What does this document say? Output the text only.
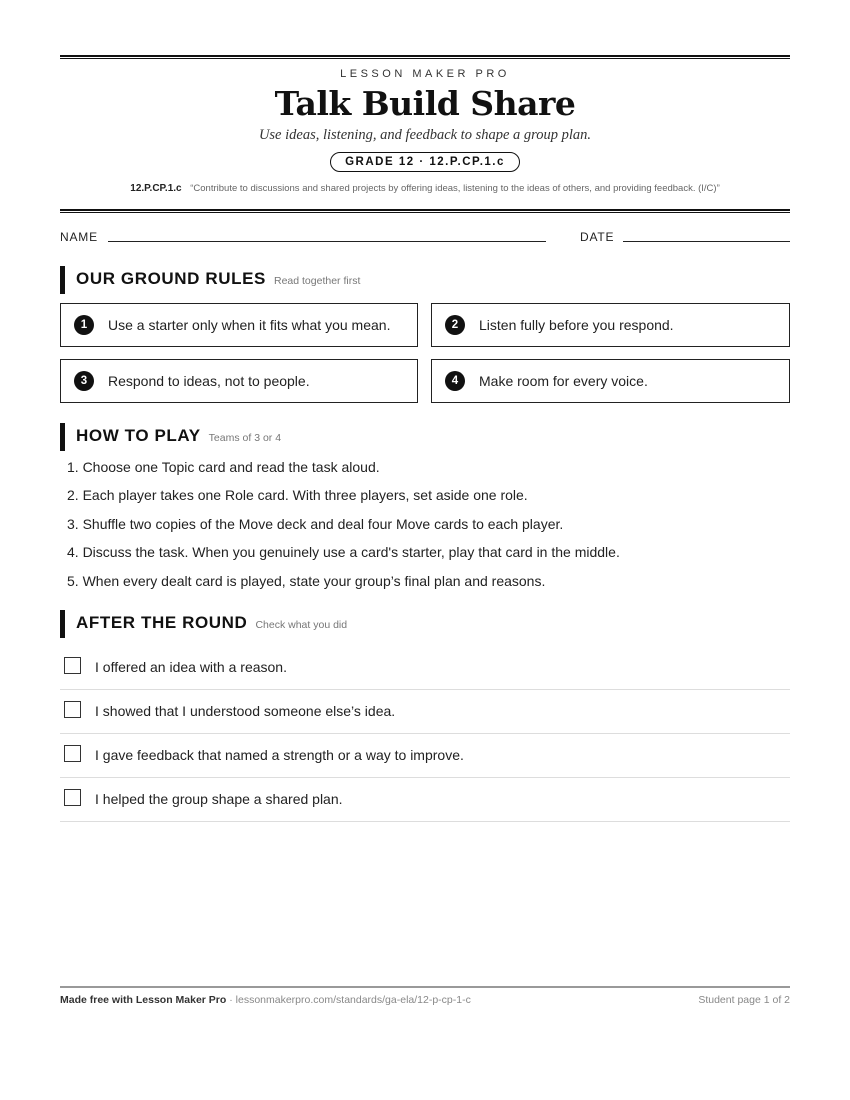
LESSON MAKER PRO
Talk Build Share
Use ideas, listening, and feedback to shape a group plan.
GRADE 12 · 12.P.CP.1.c
12.P.CP.1.c “Contribute to discussions and shared projects by offering ideas, listening to the ideas of others, and providing feedback. (I/C)”
NAME	DATE
OUR GROUND RULES Read together first
1	Use a starter only when it fits what you mean.	2	Listen fully before you respond.
3	Respond to ideas, not to people.	4	Make room for every voice.
HOW TO PLAY Teams of 3 or 4
1. Choose one Topic card and read the task aloud.
2. Each player takes one Role card. With three players, set aside one role.
3. Shuffle two copies of the Move deck and deal four Move cards to each player.
4. Discuss the task. When you genuinely use a card's starter, play that card in the middle.
5. When every dealt card is played, state your group’s final plan and reasons.
AFTER THE ROUND Check what you did
I offered an idea with a reason.
I showed that I understood someone else’s idea.
I gave feedback that named a strength or a way to improve.
I helped the group shape a shared plan.
Made free with Lesson Maker Pro · lessonmakerpro.com/standards/ga-ela/12-p-cp-1-c	Student page 1 of 2
